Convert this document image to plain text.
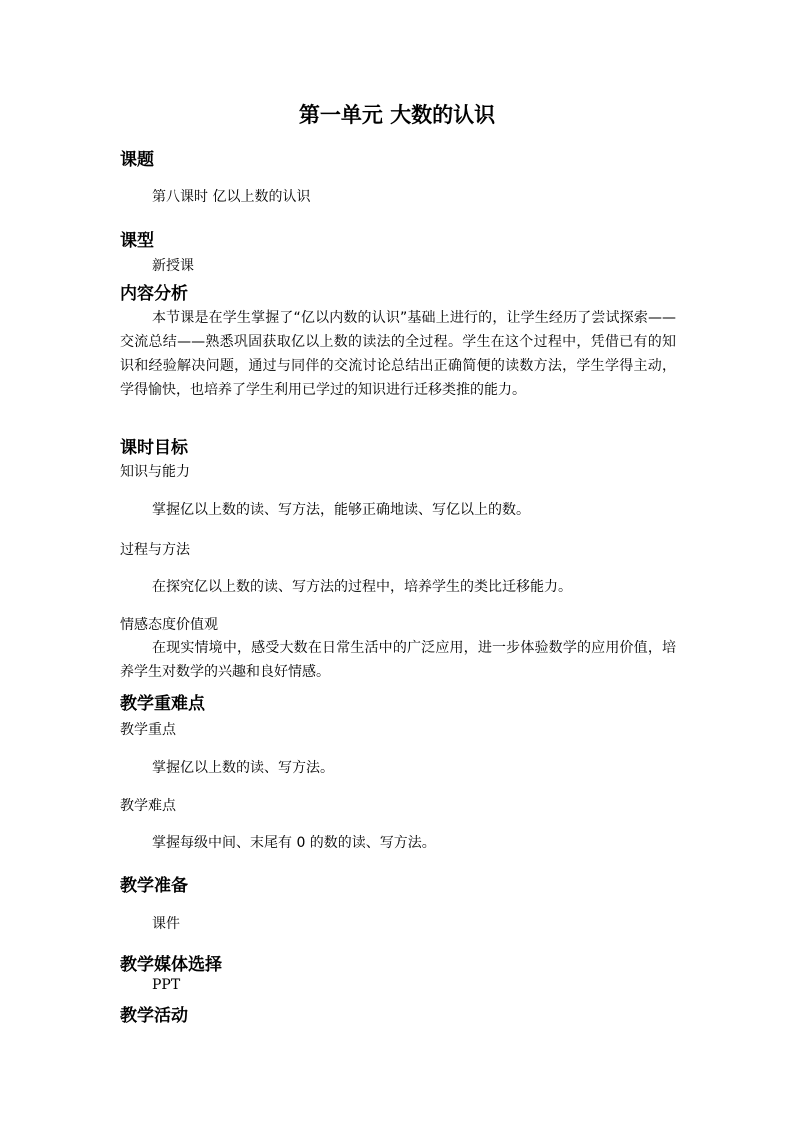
第一单元 大数的认识
课题
第八课时 亿以上数的认识
课型
新授课
内容分析
本节课是在学生掌握了“亿以内数的认识”基础上进行的，让学生经历了尝试探索——交流总结——熟悉巩固获取亿以上数的读法的全过程。学生在这个过程中，凭借已有的知识和经验解决问题，通过与同伴的交流讨论总结出正确简便的读数方法，学生学得主动，学得愉快，也培养了学生利用已学过的知识进行迁移类推的能力。
课时目标
知识与能力
掌握亿以上数的读、写方法，能够正确地读、写亿以上的数。
过程与方法
在探究亿以上数的读、写方法的过程中，培养学生的类比迁移能力。
情感态度价值观
在现实情境中，感受大数在日常生活中的广泛应用，进一步体验数学的应用价值，培养学生对数学的兴趣和良好情感。
教学重难点
教学重点
掌握亿以上数的读、写方法。
教学难点
掌握每级中间、末尾有 0 的数的读、写方法。
教学准备
课件
教学媒体选择
PPT
教学活动
